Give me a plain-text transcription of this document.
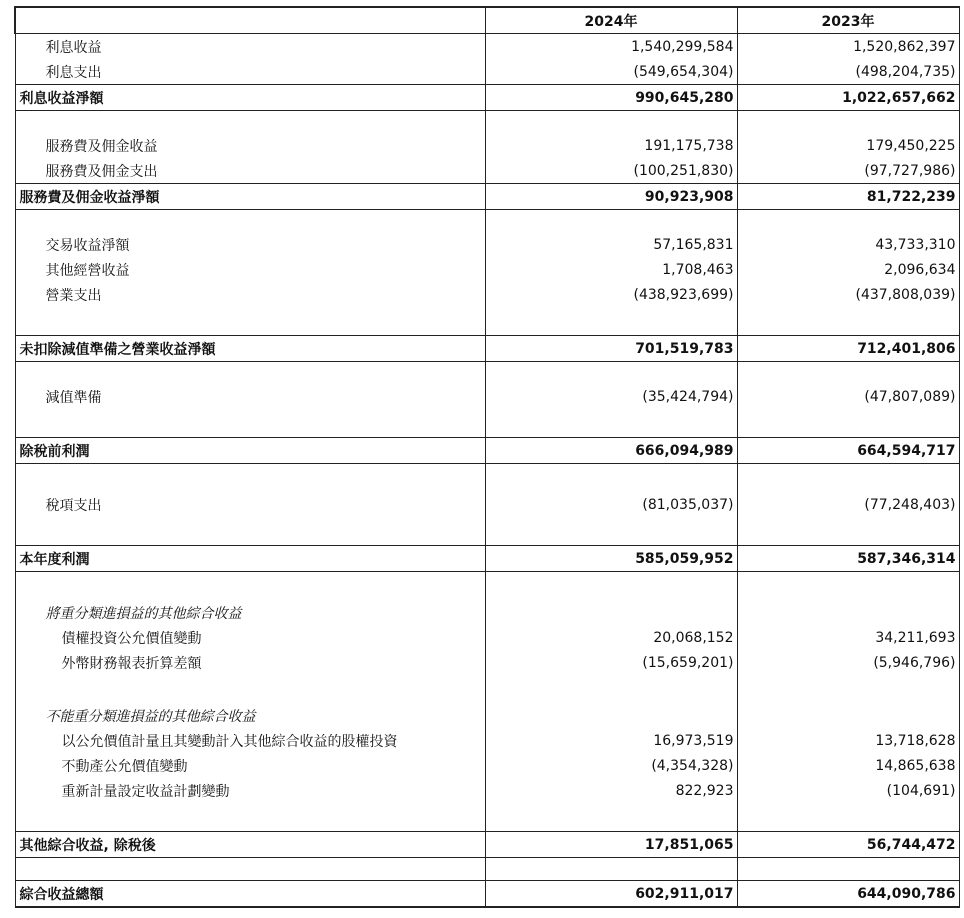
	2024年	2023年
利息收益	1,540,299,584	1,520,862,397
利息支出	(549,654,304)	(498,204,735)
利息收益淨額	990,645,280	1,022,657,662

服務費及佣金收益	191,175,738	179,450,225
服務費及佣金支出	(100,251,830)	(97,727,986)
服務費及佣金收益淨額	90,923,908	81,722,239

交易收益淨額	57,165,831	43,733,310
其他經營收益	1,708,463	2,096,634
營業支出	(438,923,699)	(437,808,039)

未扣除減值準備之營業收益淨額	701,519,783	712,401,806

減值準備	(35,424,794)	(47,807,089)

除稅前利潤	666,094,989	664,594,717

稅項支出	(81,035,037)	(77,248,403)

本年度利潤	585,059,952	587,346,314

將重分類進損益的其他綜合收益		
債權投資公允價值變動	20,068,152	34,211,693
外幣財務報表折算差額	(15,659,201)	(5,946,796)

不能重分類進損益的其他綜合收益		
以公允價值計量且其變動計入其他綜合收益的股權投資	16,973,519	13,718,628
不動產公允價值變動	(4,354,328)	14,865,638
重新計量設定收益計劃變動	822,923	(104,691)

其他綜合收益, 除稅後	17,851,065	56,744,472

綜合收益總額	602,911,017	644,090,786
